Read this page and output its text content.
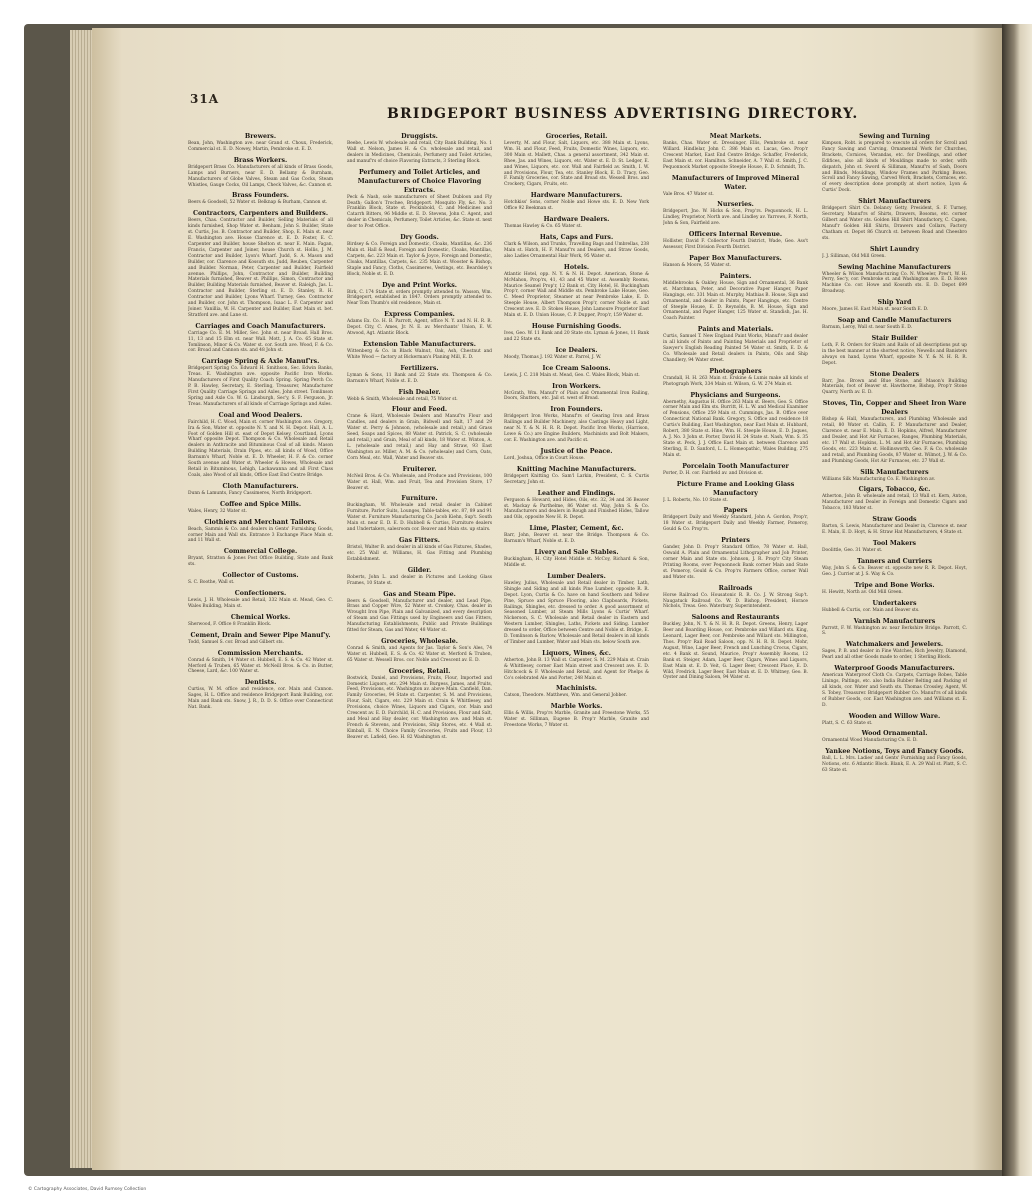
31A
BRIDGEPORT BUSINESS ADVERTISING DIRECTORY.
Brewers.
Bean, John, Washington ave. near Grand st. Choux, Frederick, Commercial st. E. D. Nowey, Martin, Pembroke st. E. D.
Brass Workers.
Bridgeport Brass Co. Manufacturers of all kinds of Brass Goods, Lamps and Burners, near E. D. Bellamy & Burnham, Manufacturers of Globe Valves, Steam and Gas Cocks, Steam Whistles, Gauge Cocks, Oil Lamps, Check Valves, &c. Cannon st.
Brass Founders.
Beers & Goodsell, 52 Water st. Belknap & Burham, Cannon st.
Contractors, Carpenters and Builders.
Beers, Chas. Contractor and Builder, Selling Materials of all kinds furnished, Shop Water st. Benham, John S. Builder, State st. Curtis, Jos. B. Contractor and Builder, Shop, E. Main st. near E. Washington ave. House Clarence st. E. D. Foster, E. C. Carpenter and Builder, house Shelton st. near E. Main. Fagan, Francis, Carpenter and Joiner, house Church st. Hollis, J. M. Contractor and Builder, Lyon's Wharf. Judd, S. A. Mason and Builder, cor. Clarence and Kossuth sts. Judd, Reuben, Carpenter and Builder. Norman, Peter, Carpenter and Builder, Fairfield avenue. Phillips, John, Contractor and Builder, Building Materials furnished, Beaver st. Phillips, Simon, Contractor and Builder, Building Materials furnished, Beaver st. Raleigh, Jas. L. Contractor and Builder, Sterling st. E. D. Stanley, R. H. Contractor and Builder, Lyons Wharf. Turney, Geo. Contractor and Builder, cor. John st. Thompson, Isaac L. F. Carpenter and Joiner. Vanillia, W. H. Carpenter and Builder, East Main st. bet. Stratford ave. and Lane st.
Carriages and Coach Manufacturers.
Carriage Co. E. M. Miller, Sec. John st. near Broad. Hall Bros. 11, 13 and 15 Elm st. near Wall. Mott, J. A. Co. 65 State st. Tomlinson, Minor & Co. Water st. cor. South ave. Wood, F. & Co. cor. Broad and Cannon sts. and 48 John st.
Carriage Spring & Axle Manuf'rs.
Bridgeport Spring Co. Edward H. Smithson, Sec. Edwin Banks, Treas. E. Washington ave. opposite Pacific Iron Works. Manufacturers of First Quality Coach Spring. Spring Perch Co. P. B. Hawley, Secretary, E. Sterling, Treasurer, Manufacturer First Quality Carriage Springs and Axles, John street. Tomlinson Spring and Axle Co. W. G. Linsburgh, Sec'y, S. F. Ferguson, Jr. Treas. Manufacturers of all kinds of Carriage Springs and Axles.
Coal and Wood Dealers.
Fairchild, H. C. Wood, Main st. corner Washington ave. Gregory, Ira & Son, Water st. opposite N. Y. and N. H. Depot. Hall, A. L. Foot of Golden Hill st. east of Depot Kelsey, Courtland, Lyons Wharf opposite Depot. Thompson & Co. Wholesale and Retail dealers in Anthracite and Bituminous Coal of all kinds. Mason Building Materials, Drain Pipes, etc. all kinds of Wood, Office Barnum's Wharf, Noble st. E. D. Wheeler, H. F. & Co. corner South avenue and Water st. Wheeler & Howes, Wholesale and Retail in Bituminous, Lehigh, Lackawanna and all First Class Coals, also Wood of all kinds, Office East End Centre Bridge.
Cloth Manufacturers.
Dunn & Lamunts, Fancy Cassimeres, North Bridgeport.
Coffee and Spice Mills.
Wales, Henry, 32 Water st.
Clothiers and Merchant Tailors.
Beach, Sammis & Co. and dealers in Gents' Furnishing Goods, corner Main and Wall sts. Entrance 3 Exchange Place Main st. and 11 Wall st.
Commercial College.
Bryant, Stratton & Jones Post Office Building, State and Bank sts.
Collector of Customs.
S. C. Boothe, Wall st.
Confectioners.
Lewis, J. H. Wholesale and Retail, 332 Main st. Mead, Geo. C. Wales Building, Main st.
Chemical Works.
Sherwood, F. Office 8 Franklin Block.
Cement, Drain and Sewer Pipe Manuf'y.
Todd, Samuel S. cor. Broad and Gilbert sts.
Commission Merchants.
Conrad & Smith, 14 Water st. Hubbell, E. S. & Co. 42 Water st. Merford & Truben, 65 Water st. McNeill Bros. & Co. in Butter, Cheese, Lard, &c. 100 Water st.
Dentists.
Curtiss, W. M. office and residence, cor. Main and Cannon. Sages, H. L. Office and residence Bridgeport Bank Building, cor. Main and Bank sts. Snow, J. R., D. D. S. Office over Connecticut Nat. Bank.
Druggists.
Beebe, Lewis W. wholesale and retail, City Bank Building, No. 1 Wall st. Nelson, James H. & Co. wholesale and retail, and dealers in Medicines, Chemicals, Perfumery and Toilet Articles, and manuf'rs of choice Flavoring Extracts, 3 Sterling Block.
Perfumery and Toilet Articles, and Manufacturers of Choice Flavoring Extracts.
Peck & Nash, sole manufacturers of Sheet Dubloon and Fly Death; Gallon's Trochee, Bridgeport. Mosquito Fly, &c. No. 3 Franklin Block, State st. Peckinbold, C. and Medicines and Catarrh Bitters, 96 Middle st. E. D. Stevens, John C. Agent, and dealer in Chemicals, Perfumery, Toilet Articles, &c. State st. next door to Post Office.
Dry Goods.
Birdsey & Co. Foreign and Domestic, Cloaks, Mantillas, &c. 236 Main st. Hall & Read, Foreign and Domestic, Cloaks, Mantillas, Carpets, &c. 223 Main st. Taylor & Joyce, Foreign and Domestic, Cloaks, Mantillas, Carpets, &c. 235 Main st. Wooster & Bishop, Staple and Fancy, Cloths, Cassimeres, Vestings, etc. Beardsley's Block, Noble st. E. D.
Dye and Print Works.
Birk, C. 174 State st. orders promptly attended to. Wasson, Wm. Bridgeport, established in 1847. Orders promptly attended to. Near Tom Thumb's old residence, Main st.
Express Companies.
Adams Ex. Co. H. B. Parrott, Agent, office N. Y. and N. H. R. R. Depot. City, C. Ames, Jr. N. E. av. Merchants' Union, E. W. Atwood, Agt. Atlantic Block.
Extension Table Manufacturers.
Wittenberg & Co. in Black Walnut, Oak, Ash, Chestnut and White Wood — factory at Bickerman's Planing Mill, E. D.
Fertilizers.
Lyman & Sons, 11 Bank and 22 State sts. Thompson & Co. Barnum's Wharf, Noble st. E. D.
Fish Dealer.
Webb & Smith, Wholesale and retail, 75 Water st.
Flour and Feed.
Crane & Hard, Wholesale Dealers and Manuf'rs Flour and Candles, and dealers in Grain, Bidwell and Salt, 17 and 29 Water st. Perry & Johnson, (wholesale and retail,) and Grass Seed, Soaps and Spices, 88 Water st. Patrick, S. C. (wholesale and retail,) and Grain, Meal of all kinds, 18 Water st. Winton, A. L. (wholesale and retail,) and Hay and Straw, 93 East Washington av. Miller, A. M. & Co. (wholesale) and Corn, Oats, Corn Meal, etc. Wall, Water and Beaver sts.
Fruiterer.
McNeil Bros. & Co. Wholesale, and Produce and Provisions, 100 Water st. Hall, Wm. and Fruit, Tea and Provision Store, 17 Beaver st.
Furniture.
Buckingham, W. Wholesale and retail dealer in Cabinet Furniture, Parlor Suits, Lounges, Table-tables, etc. 87, 89 and 91 Water st. Furniture Manufacturing Co. Jacob Kiehn, Sup't. South Main st. near E. D. E. D. Hubbell & Curtiss, Furniture dealers and Undertakers, salesroom cor. Beaver and Main sts. up stairs.
Gas Fitters.
Bristol, Walter B. and dealer in all kinds of Gas Fixtures, Shades, etc. 25 Wall st. Williams, H. Gas Fitting and Plumbing Establishment.
Gilder.
Roberts, John L. and dealer in Pictures and Looking Glass Frames, 10 State st.
Gas and Steam Pipe.
Beers & Goodsell, Manufacturer and dealer, and Lead Pipe, Brass and Copper Wire, 52 Water st. Cronkey, Chas. dealer in Wrought Iron Pipe, Plain and Galvanized, and every description of Steam and Gas Fittings used by Engineers and Gas Fitters, Manufacturing Establishments, Public and Private Buildings fitted for Steam, Gas and Water, 48 Water st.
Groceries, Wholesale.
Conrad & Smith, and Agents for Jas. Taylor & Son's Ales, 74 Water st. Hubbell, E. S. & Co. 42 Water st. Merford & Truben, 65 Water st. Wessell Bros. cor. Noble and Crescent av. E. D.
Groceries, Retail.
Bostwick, Daniel, and Provisions, Fruits, Flour, Imported and Domestic Liquors, etc. 294 Main st. Burgess, James, and Fruits, Feed, Provisions, etc. Washington av. above Main. Canfield, Dan. Family Groceries, 94 State st. Carpenter, S. M. and Provisions, Flour, Salt, Cigars, etc. 229 Main st. Crain & Whittlesey, and Provisions, choice Wines, Liquors and Cigars, cor. Main and Crescent av. E. D. Fairchild, H. C. and Provisions, Flour and Salt, and Meal and Hay dealer, cor. Washington ave. and Main st. French & Stevens, and Provisions, Ship Stores, etc. 4 Wall st. Kimball, E. N. Choice Family Groceries, Fruits and Flour, 13 Beaver st. Lafield, Geo. H. 82 Washington st.
Groceries, Retail.
Leverty, M. and Flour, Salt, Liquors, etc. 388 Main st. Lyons, Wm. H. and Flour, Feed, Fruits, Domestic Wines, Liquors, etc. 300 Main st. Mallett, Chas. a general assortment, 342 Main st. Rhee, Jas. and Wines, Liquors, etc. Water st. E. D. St. Ledger, E. and Wines, Liquors, etc. cor. Wall and Fairfield av. Smith, I. W. and Provisions, Flour, Tea, etc. Stanley Block, E. D. Tracy, Geo. F. Family Groceries, cor. State and Broad sts. Wessell Bros. and Crockery, Cigars, Fruits, etc.
Hardware Manufacturers.
Hotchkiss' Sons, corner Noble and Howe sts. E. D. New York Office 92 Beekman st.
Hardware Dealers.
Thomas Hawley & Co. 65 Water st.
Hats, Caps and Furs.
Clark & Wilson, and Trunks, Travelling Bags and Umbrellas, 238 Main st. Hatch, H. F. Manuf'rs and Dealers, and Straw Goods, also Ladies Ornamental Hair Work, 95 Water st.
Hotels.
Atlantic Hotel, opp. N. Y. & N. H. Depot. American, Stone & McMahon, Prop'rs, 41, 43 and 45 Water st. Assembly Rooms, Maurice Seamel Prop'r, 12 Bank st. City Hotel, H. Buckingham Prop'r, corner Wall and Middle sts. Pembroke Lake House, Geo. C. Meed Proprietor, Steamer at near Pembroke Lake, E. D. Steeple House, Albert Thompson Prop'r, corner Noble st. and Crescent ave. E. D. Stokes House, John Lamoure Proprietor East Main st. E. D. Union House, C. P. Dupper, Prop'r, 159 Water st.
House Furnishing Goods.
Ives, Geo. W. 11 Bank and 20 State sts. Lyman & Jones, 11 Bank and 22 State sts.
Ice Dealers.
Moody, Thomas J. 192 Water st. Parrel, J. W.
Ice Cream Saloons.
Lewis, J. C. 218 Main st. Mead, Geo. C. Wales Block, Main st.
Iron Workers.
McGrath, Wm. Manuf'r of Plain and Ornamental Iron Railing, Doors, Shutters, etc. Jail st. west of Broad.
Iron Founders.
Bridgeport Iron Works, Manuf'rs of Gearing Iron and Brass Railings and Builder Machinery, also Castings Heavy and Light, near N. Y. & N. H. R. R. Depot. Pacific Iron Works, (Harrison, Lowe & Co.) are Engine Builders, Machinists and Bolt Makers, cor. E. Washington ave. and Pacific st.
Justice of the Peace.
Lord, Joshua, Office in Court House.
Knitting Machine Manufacturers.
Bridgeport Knitting Co. Sam'l Larkin, President, C. S. Curtis Secretary, John st.
Leather and Findings.
Ferguson & Howard, and Hides, Oils, etc. 32, 34 and 36 Beaver st. Mackay & Parthelme, 86 Water st. Way, John S. & Co. Manufacturers and dealers in Rough and Finished Hides, Tallow and Oils, opposite New H. R. Depot.
Lime, Plaster, Cement, &c.
Barr, John, Beaver st. near the Bridge. Thompson & Co. Barnum's Wharf, Noble st. E. D.
Livery and Sale Stables.
Buckingham, H. City Hotel Middle st. McCoy, Richard & Son, Middle st.
Lumber Dealers.
Hawley, Julius, Wholesale and Retail dealer in Timber, Lath, Shingle and Siding and all kinds Pine Lumber, opposite R. R. Depot. Lyon, Curtis & Co. have on hand Southern and Yellow Pine, Spruce and Spruce Flooring, also Clapboards, Pickets, Railings, Shingles, etc. dressed to order. A good assortment of Seasoned Lumber, at Steam Mills Lyons & Curtis' Wharf. Nickerson, S. C. Wholesale and Retail dealer in Eastern and Western Lumber, Shingles, Laths, Pickets and Siding. Lumber dressed to order, Office between Centre and Noble st. Bridge, E. D. Tomlinson & Barlow, Wholesale and Retail dealers in all kinds of Timber and Lumber, Water and Main sts. below South ave.
Liquors, Wines, &c.
Atherton, John B. 13 Wall st. Carpenter, S. M. 229 Main st. Crain & Whittlesey, corner East Main street and Crescent ave. E. D. Hitchcock & F. Wholesale and Retail, and Agent for Phelps & Co's celebrated Ale and Porter, 248 Main st.
Machinists.
Catson, Theodore. Matthews, Wm. and General Jobber.
Marble Works.
Ellis & Willis, Prop'rs Marble, Granite and Freestone Works, 55 Water st. Silliman, Eugene B. Prop'r Marble, Granite and Freestone Works, 7 Water st.
Meat Markets.
Banks, Chas. Water st. Dressinger, Ellis, Pembroke st. near Willard. Hindlelar, John C. 386 Main st. Lucas, Geo. Prop'r Crescent Market, East End Centre Bridge. Schaffer, Frederick, East Main st. cor. Hamilton. Schneider, A. 7 Wall st. Smith, J. C. Pequonnock Market opposite Steeple House, E. D. Schmidt, Th.
Manufacturers of Improved Mineral Water.
Vale Bros. 47 Water st.
Nurseries.
Bridgeport, Jno. W. Hicks & Son, Prop'rs. Pequonnock, H. L. Lindley, Proprietor, North ave. and Lindley av. Yarrows, F. North, John & Son, Fairfield ave.
Officers Internal Revenue.
Hollister, David F. Collector Fourth District, Wade, Geo. Ass't Assessor, First Division Fourth District.
Paper Box Manufacturers.
Hanson & Moore, 55 Water st.
Painters.
Middlebrooks & Oakley, House, Sign and Ornamental, 36 Bank st. Marchman, Peter, and Decorative Paper Hanger, Paper Hangings, etc. 331 Main st. Murphy, Mathias B. House, Sign and Ornamental, and dealer in Paints, Paper Hangings, etc. Centre of Steeple House, E. D. Reynolds, B. M. House, Sign and Ornamental, and Paper Hanger, 125 Water st. Standish, Jas. H. Coach Painter.
Paints and Materials.
Curtis, Samuel T. New England Paint Works, Manuf'r and dealer in all kinds of Paints and Painting Materials and Proprietor of Sawyer's English Reading Painted 54 Water st. Smith, E. D. & Co. Wholesale and Retail dealers in Paints, Oils and Ship Chandlery, 94 Water street.
Photographers
Crandall, H. H. 263 Main st. Erskine & Lumis make all kinds of Photograph Work, 334 Main st. Wilson, G. W. 274 Main st.
Physicians and Surgeons.
Abernethy, Augustus H. Office 263 Main st. Beers, Geo. S. Office corner Main and Elm sts. Burritt, H. L. W. and Medical Examiner of Pensions, Office 259 Main st. Cummings, Jas. B. Office over Connecticut National Bank. Gregory, S. Office and residence 18 Curtis's Building, East Washington, near East Main st. Hubbard, Robert, 380 State st. Hine, Wm. H. Steeple House, E. D. Jaques, A. J. No. 3 John st. Porter, David H. 24 State st. Nash, Wm. S. 35 State st. Peck, J. J. Office East Main st. between Clarence and Sterling, E. D. Sanford, L. L. Homeopathic, Wales Building, 275 Main st.
Porcelain Tooth Manufacturer
Porter, D. H. cor. Fairfield av. and Division st.
Picture Frame and Looking Glass Manufactory
J. L. Roberts, No. 10 State st.
Papers
Bridgeport Daily and Weekly Standard, John A. Gordon, Prop'r, 18 Water st. Bridgeport Daily and Weekly Farmer, Pomeroy, Gould & Co. Prop'rs.
Printers
Gander, John D. Prop'r Standard Office, 78 Water st. Hall, Oswald A. Plain and Ornamental Lithographer and Job Printer, corner Main and State sts. Johnson, J. R. Prop'r City Steam Printing Rooms, over Pequonnock Bank corner Main and State st. Pomeroy, Gould & Co. Prop'rs Farmers Office, corner Wall and Water sts.
Railroads
Horse Railroad Co. Housatonic R. R. Co. J. W. Strong Sup't. Naugatuck Railroad Co. W. D. Bishop, President, Horace Nichols, Treas. Geo. Waterbury, Superintendent.
Saloons and Restaurants
Buckley, John, N. Y. & N. H. R. R. Depot. Greens, Henry, Lager Beer and Boarding House, cor. Pembroke and Willard sts. King, Leonard, Lager Beer, cor. Pembroke and Willard sts. Millington, Thos. Prop'r Rail Road Saloon, opp. N. H. R. R. Depot. Mohr, August, Wine, Lager Beer, French and Lunching Crocus, Cigars, etc. 4 Bank st. Sound, Maurice, Prop'r Assembly Rooms, 12 Bank st. Steiger, Adam, Lager Beer, Cigars, Wines and Liquors, East Main st. E. D. Veit, G. Lager Beer, Crescent Place, E. D. Wild, Fredrick, Lager Beer, East Main st. E. D. Whitney, Geo. B. Oyster and Dining Saloon, 94 Water st.
Sewing and Turning
Kimpson, Robt. is prepared to execute all orders for Scroll and Fancy Sawing and Carving, Ornamental Work for Churches, Brackets, Cornices, Verandas, etc. for Dwellings, and other Edifices, also all kinds of Mouldings made to order, with dispatch, John st. Sword & Silliman, Manuf'rs of Sash, Doors and Blinds, Mouldings, Window Frames and Parking Boxes, Scroll and Fancy Sawing, Carved Work, Brackets, Cornices, etc. of every description done promptly at short notice, Lyon & Curtis' Dock.
Shirt Manufacturers
Bridgeport Shirt Co. Delancy Getty, President, S. F. Turney, Secretary, Manuf'rs of Shirts, Drawers, Bosoms, etc. corner Gilbert and Water sts. Golden Hill Shirt Manufactory, C. Capen, Manuf'r Golden Hill Shirts, Drawers and Collars, Factory Chatham st. Depot 86 Church st. between Road and Cheesbro sts.
Shirt Laundry
J. J. Silliman, Old Mill Green.
Sewing Machine Manufacturers
Wheeler & Wilson Manufacturing Co. N. Wheeler, Pres't, W. H. Perry, Sec'y, cor. Pembroke st. and Washington ave. E. D. Howe Machine Co. cor. Howe and Kossuth sts. E. D. Depot 699 Broadway.
Ship Yard
Moore, James H. East Main st. near South E. D.
Soap and Candle Manufacturers
Barnum, Leroy, Wall st. near South E. D.
Stair Builder
Loth, F. R. Orders for Stairs and Rails of all descriptions put up in the best manner at the shortest notice, Newells and Banisters always on hand, Lyons Wharf, opposite N. Y. & N. H. R. R. Depot.
Stone Dealers
Barr, Jno. Brown and Blue Stone, and Mason's Building Materials, foot of Beaver st. Hawthorne, Bishop, Prop'r Stone Quarry, North av. E. D.
Stoves, Tin, Copper and Sheet Iron Ware Dealers
Bishop & Hall, Manufacturers, and Plumbing Wholesale and retail, 80 Water st. Callin, E. P. Manufacturer and Dealer, Clarence st. near E. Main, E. D. Hopkins, Alfred, Manufacturer and Dealer, and Hot Air Furnaces, Ranges, Plumbing Materials, etc. 17 Wall st. Hopkins, L. M. and Hot Air Furnaces, Plumbing Goods, etc. 223 Main st. Hollinsworth, Geo. F. & Co. wholesale and retail, and Plumbing Goods, 87 Water st. Wilmot, J. W. & Co. and Plumbing Goods, Hot Air Furnaces, etc. 27 Wall st.
Silk Manufacturers
Williams Silk Manufacturing Co. E. Washington av.
Cigars, Tobacco, &c.
Atherton, John B. wholesale and retail, 13 Wall st. Kern, Anton, Manufacturer and Dealer in Foreign and Domestic Cigars and Tobacco, 183 Water st.
Straw Goods
Barton, S. Lewis, Manufacturer and Dealer in, Clarence st. near E. Main, E. D. Hoyt, & H. Straw Hat Manufacturers, 4 State st.
Tool Makers
Doolittle, Geo. 31 Water st.
Tanners and Curriers
Way, John S. & Co. Beaver st. opposite new R. R. Depot. Hoyt, Geo. J. Currier at J. S. Way & Co.
Tripe and Bone Works.
H. Hewitt, North av. Old Mill Green.
Undertakers
Hubbell & Curtis, cor. Main and Beaver sts.
Varnish Manufacturers
Parrott, F. W. Washington av. near Berkshire Bridge. Parrott, C. S.
Watchmakers and Jewelers.
Sages, P. B. and dealer in Fine Watches, Rich Jewelry, Diamond, Pearl and all other Goods made to order, 1 Sterling Block.
Waterproof Goods Manufacturers.
American Waterproof Cloth Co. Carpets, Carriage Robes, Table Linings, Paltings, etc. also India Rubber Belting and Packing of all kinds, cor. Water and South sts. Thomas Crossley, Agent, W. S. Tobey, Treasurer. Bridgeport Rubber Co. Manuf'rs of all kinds of Rubber Goods, cor. East Washington ave. and Williams st. E. D.
Wooden and Willow Ware.
Platt, S. C. 63 State st.
Wood Ornamental.
Ornamental Wood Manufacturing Co. E. D.
Yankee Notions, Toys and Fancy Goods.
Ball, L. L. Mrs. Ladies' and Gents' Furnishing and Fancy Goods, Notions, etc. 6 Atlantic Block. Blank, E. A. 29 Wall st. Platt, S. C. 63 State st.
© Cartography Associates, David Rumsey Collection
